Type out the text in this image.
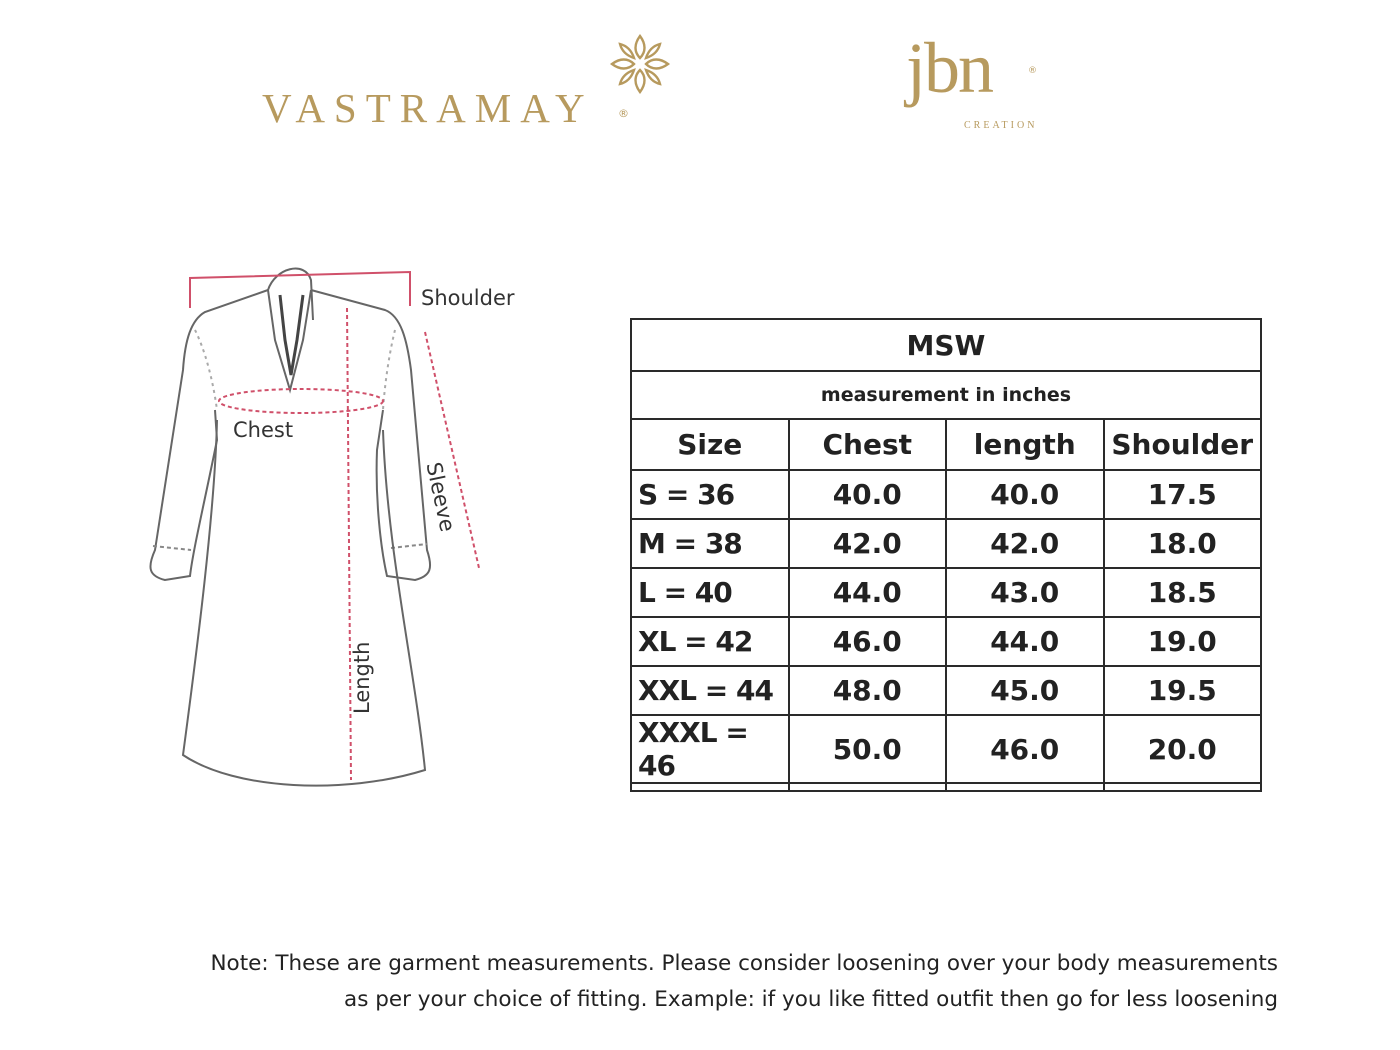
VASTRAMAY ®
jbn	®
CREATION
Shoulder
Chest
Sleeve
Length
MSW			
measurement in inches			
Size	Chest	length	Shoulder
S = 36	40.0	40.0	17.5
M = 38	42.0	42.0	18.0
L = 40	44.0	43.0	18.5
XL = 42	46.0	44.0	19.0
XXL = 44	48.0	45.0	19.5
XXXL = 46	50.0	46.0	20.0

Note: These are garment measurements. Please consider loosening over your body measurements
as per your choice of fitting. Example: if you like fitted outfit then go for less loosening
